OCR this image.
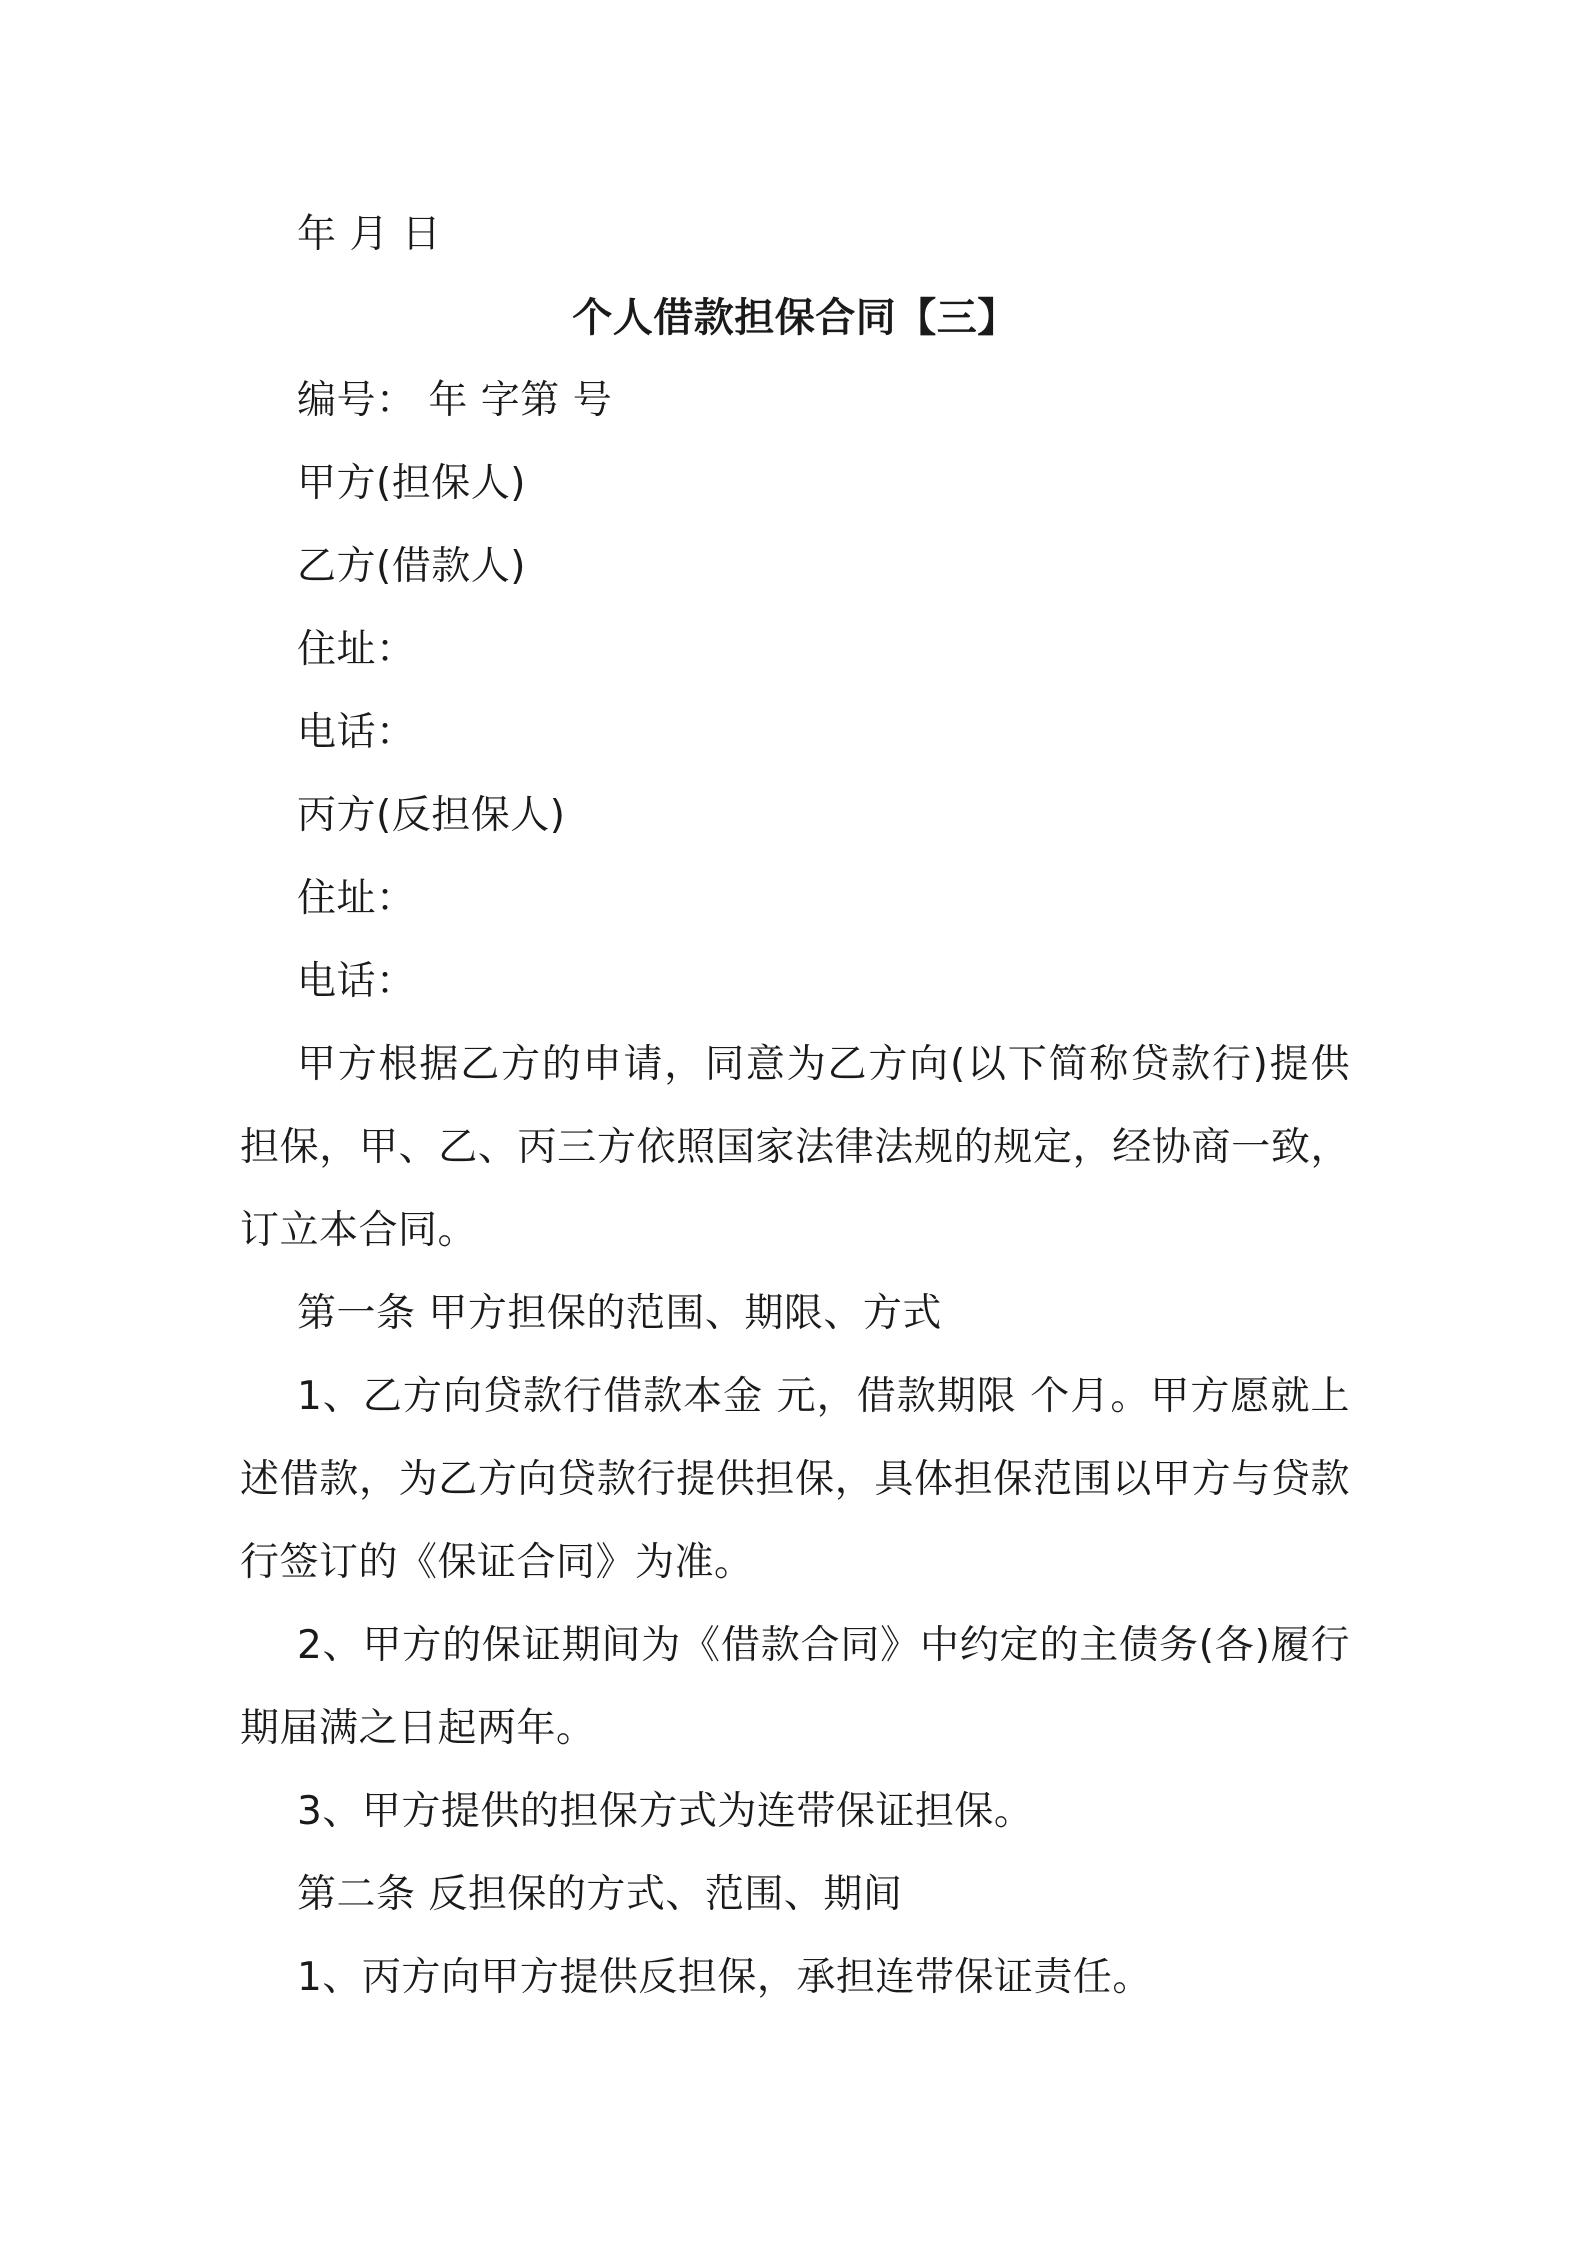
年 月 日
个人借款担保合同【三】
编号： 年 字第 号
甲方(担保人)
乙方(借款人)
住址：
电话：
丙方(反担保人)
住址：
电话：
甲方根据乙方的申请，同意为乙方向(以下简称贷款行)提供担保，甲、乙、丙三方依照国家法律法规的规定，经协商一致，订立本合同。
第一条 甲方担保的范围、期限、方式
1、乙方向贷款行借款本金 元，借款期限 个月。甲方愿就上述借款，为乙方向贷款行提供担保，具体担保范围以甲方与贷款行签订的《保证合同》为准。
2、甲方的保证期间为《借款合同》中约定的主债务(各)履行期届满之日起两年。
3、甲方提供的担保方式为连带保证担保。
第二条 反担保的方式、范围、期间
1、丙方向甲方提供反担保，承担连带保证责任。
